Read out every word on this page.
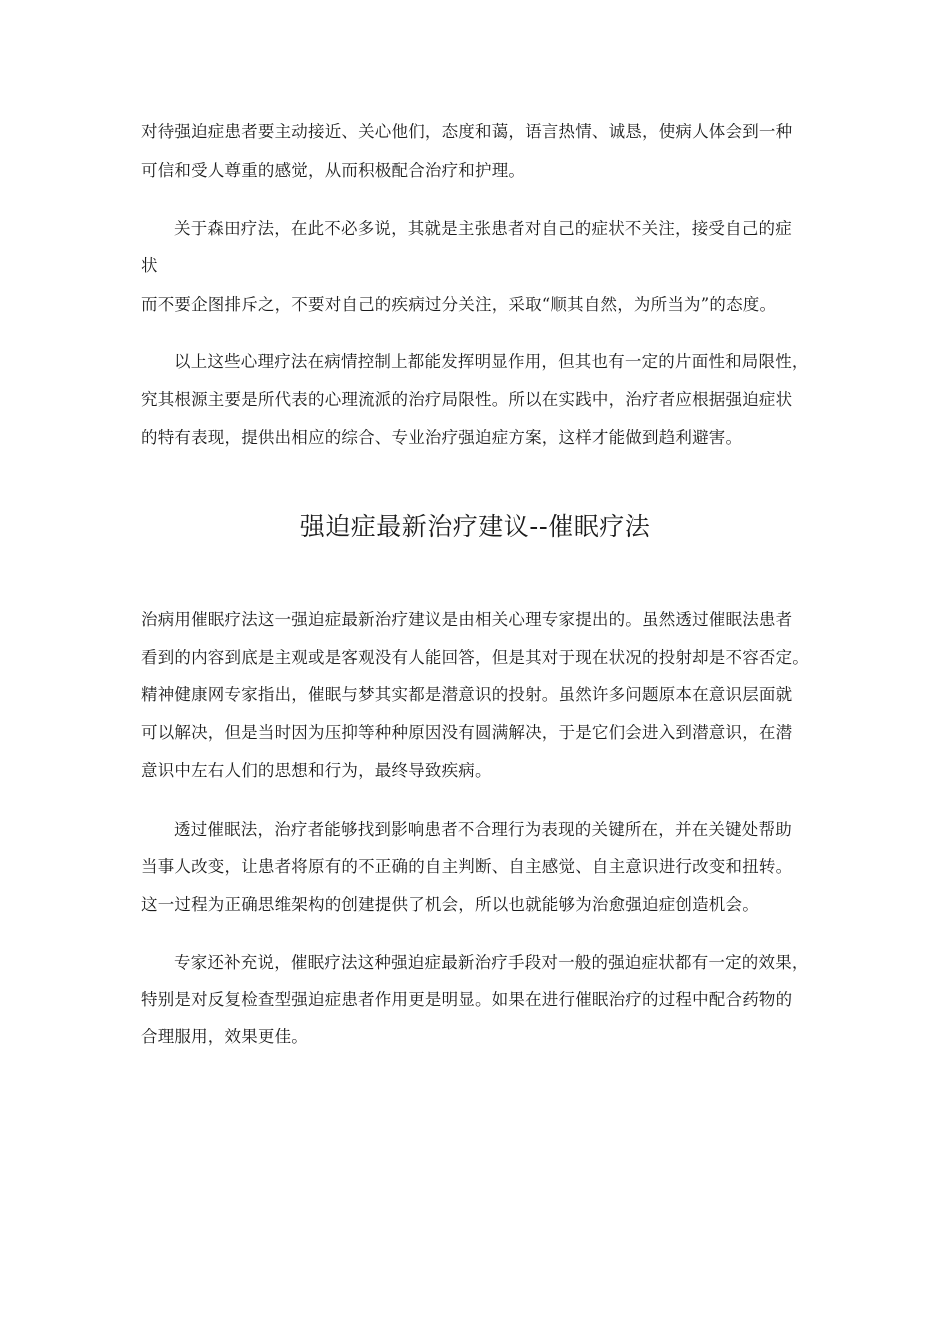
对待强迫症患者要主动接近、关心他们，态度和蔼，语言热情、诚恳，使病人体会到一种
可信和受人尊重的感觉，从而积极配合治疗和护理。
关于森田疗法，在此不必多说，其就是主张患者对自己的症状不关注，接受自己的症
状
而不要企图排斥之，不要对自己的疾病过分关注，采取“顺其自然，为所当为”的态度。
以上这些心理疗法在病情控制上都能发挥明显作用，但其也有一定的片面性和局限性，
究其根源主要是所代表的心理流派的治疗局限性。所以在实践中，治疗者应根据强迫症状
的特有表现，提供出相应的综合、专业治疗强迫症方案，这样才能做到趋利避害。
强迫症最新治疗建议--催眠疗法
治病用催眠疗法这一强迫症最新治疗建议是由相关心理专家提出的。虽然透过催眠法患者
看到的内容到底是主观或是客观没有人能回答，但是其对于现在状况的投射却是不容否定。
精神健康网专家指出，催眠与梦其实都是潜意识的投射。虽然许多问题原本在意识层面就
可以解决，但是当时因为压抑等种种原因没有圆满解决，于是它们会进入到潜意识，在潜
意识中左右人们的思想和行为，最终导致疾病。
透过催眠法，治疗者能够找到影响患者不合理行为表现的关键所在，并在关键处帮助
当事人改变，让患者将原有的不正确的自主判断、自主感觉、自主意识进行改变和扭转。
这一过程为正确思维架构的创建提供了机会，所以也就能够为治愈强迫症创造机会。
专家还补充说，催眠疗法这种强迫症最新治疗手段对一般的强迫症状都有一定的效果，
特别是对反复检查型强迫症患者作用更是明显。如果在进行催眠治疗的过程中配合药物的
合理服用，效果更佳。
